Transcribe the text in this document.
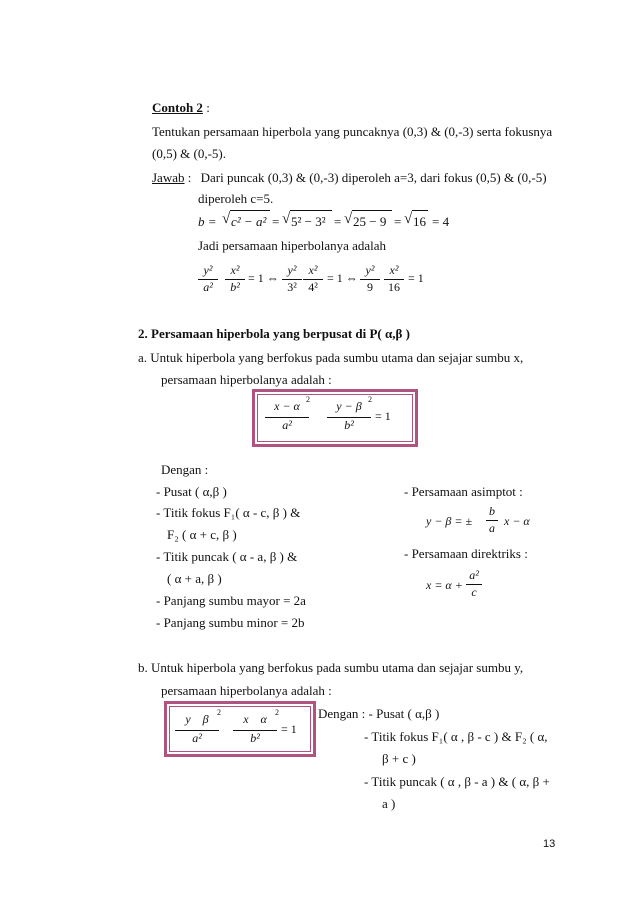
Contoh 2 :
Tentukan persamaan hiperbola yang puncaknya (0,3) & (0,-3) serta fokusnya
(0,5) & (0,-5).
Jawab : Dari puncak (0,3) & (0,-3) diperoleh a=3, dari fokus (0,5) & (0,-5)
diperoleh c=5.
b = √ c² − a² = √ 5² − 3² = √ 25 − 9 = √ 16 = 4
Jadi persamaan hiperbolanya adalah
$\frac{\text{y²}}{\text{a²}} \frac{\text{x²}}{\text{b²}} = 1$ ⇔ $\frac{\text{y²}}{\text{3²}} \frac{\text{x²}}{\text{4²}} = 1$ ⇔ $\frac{\text{y²}}{9} \frac{\text{x²}}{16} = 1$
2. Persamaan hiperbola yang berpusat di P( α,β )
a. Untuk hiperbola yang berfokus pada sumbu utama dan sejajar sumbu x,
persamaan hiperbolanya adalah :
$\frac{x - \alpha}{\text{a²}}$
$2 \frac{y - \beta}{\text{b²}}$
2
= 1
Dengan :
- Pusat ( α,β )
- Titik fokus F₁( α - c, β ) &
F₂ ( α + c, β )
- Titik puncak ( α - a, β ) &
( α + a, β )
- Panjang sumbu mayor = 2a
- Panjang sumbu minor = 2b
- Persamaan asimptot :
y − β = ± $\frac{b}{a}$ x − α
- Persamaan direktriks :
$x = \alpha + \frac{\text{a²}}{c}$
b. Untuk hiperbola yang berfokus pada sumbu utama dan sejajar sumbu y,
persamaan hiperbolanya adalah :
$\frac{\text{y    β}}{\text{a²}}$
$2 \frac{\text{x    α}}{\text{b²}}$
2
= 1
Dengan : - Pusat ( α,β )
- Titik fokus F₁( α , β - c ) & F₂ ( α,
β + c )
- Titik puncak ( α , β - a ) & ( α, β +
a )
13
